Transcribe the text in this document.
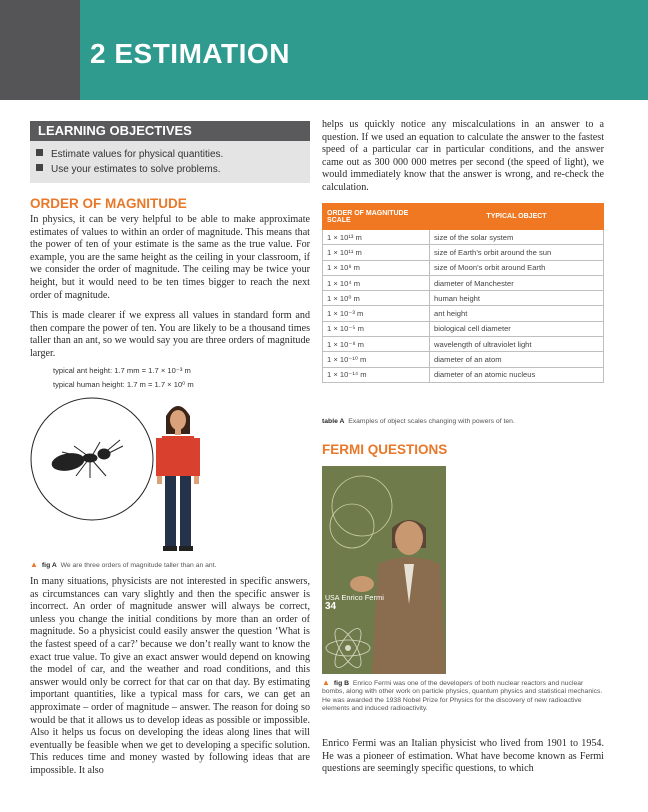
2 ESTIMATION
LEARNING OBJECTIVES
Estimate values for physical quantities.
Use your estimates to solve problems.
ORDER OF MAGNITUDE
In physics, it can be very helpful to be able to make approximate estimates of values to within an order of magnitude. This means that the power of ten of your estimate is the same as the true value. For example, you are the same height as the ceiling in your classroom, if we consider the order of magnitude. The ceiling may be twice your height, but it would need to be ten times bigger to reach the next order of magnitude.
This is made clearer if we express all values in standard form and then compare the power of ten. You are likely to be a thousand times taller than an ant, so we would say you are three orders of magnitude larger.
typical ant height: 1.7 mm = 1.7 × 10⁻³ m
typical human height: 1.7 m = 1.7 × 10⁰ m
▲ fig A We are three orders of magnitude taller than an ant.
In many situations, physicists are not interested in specific answers, as circumstances can vary slightly and then the specific answer is incorrect. An order of magnitude answer will always be correct, unless you change the initial conditions by more than an order of magnitude. So a physicist could easily answer the question ‘What is the fastest speed of a car?’ because we don’t really want to know the exact true value. To give an exact answer would depend on knowing the model of car, and the weather and road conditions, and this answer would only be correct for that car on that day. By estimating important quantities, like a typical mass for cars, we can get an approximate – order of magnitude – answer. The reason for doing so would be that it allows us to develop ideas as possible or impossible. Also it helps us focus on developing the ideas along lines that will eventually be feasible when we get to developing a specific solution. This reduces time and money wasted by following ideas that are impossible. It also
helps us quickly notice any miscalculations in an answer to a question. If we used an equation to calculate the answer to the fastest speed of a particular car in particular conditions, and the answer came out as 300 000 000 metres per second (the speed of light), we would immediately know that the answer is wrong, and re-check the calculation.
ORDER OF MAGNITUDE SCALE	TYPICAL OBJECT
1 × 10¹³ m	size of the solar system
1 × 10¹¹ m	size of Earth’s orbit around the sun
1 × 10⁸ m	size of Moon’s orbit around Earth
1 × 10⁴ m	diameter of Manchester
1 × 10⁰ m	human height
1 × 10⁻³ m	ant height
1 × 10⁻⁵ m	biological cell diameter
1 × 10⁻⁸ m	wavelength of ultraviolet light
1 × 10⁻¹⁰ m	diameter of an atom
1 × 10⁻¹⁴ m	diameter of an atomic nucleus
table A Examples of object scales changing with powers of ten.
FERMI QUESTIONS
USA Enrico Fermi
34
▲ fig B Enrico Fermi was one of the developers of both nuclear reactors and nuclear bombs, along with other work on particle physics, quantum physics and statistical mechanics. He was awarded the 1938 Nobel Prize for Physics for the discovery of new radioactive elements and induced radioactivity.
Enrico Fermi was an Italian physicist who lived from 1901 to 1954. He was a pioneer of estimation. What have become known as Fermi questions are seemingly specific questions, to which
